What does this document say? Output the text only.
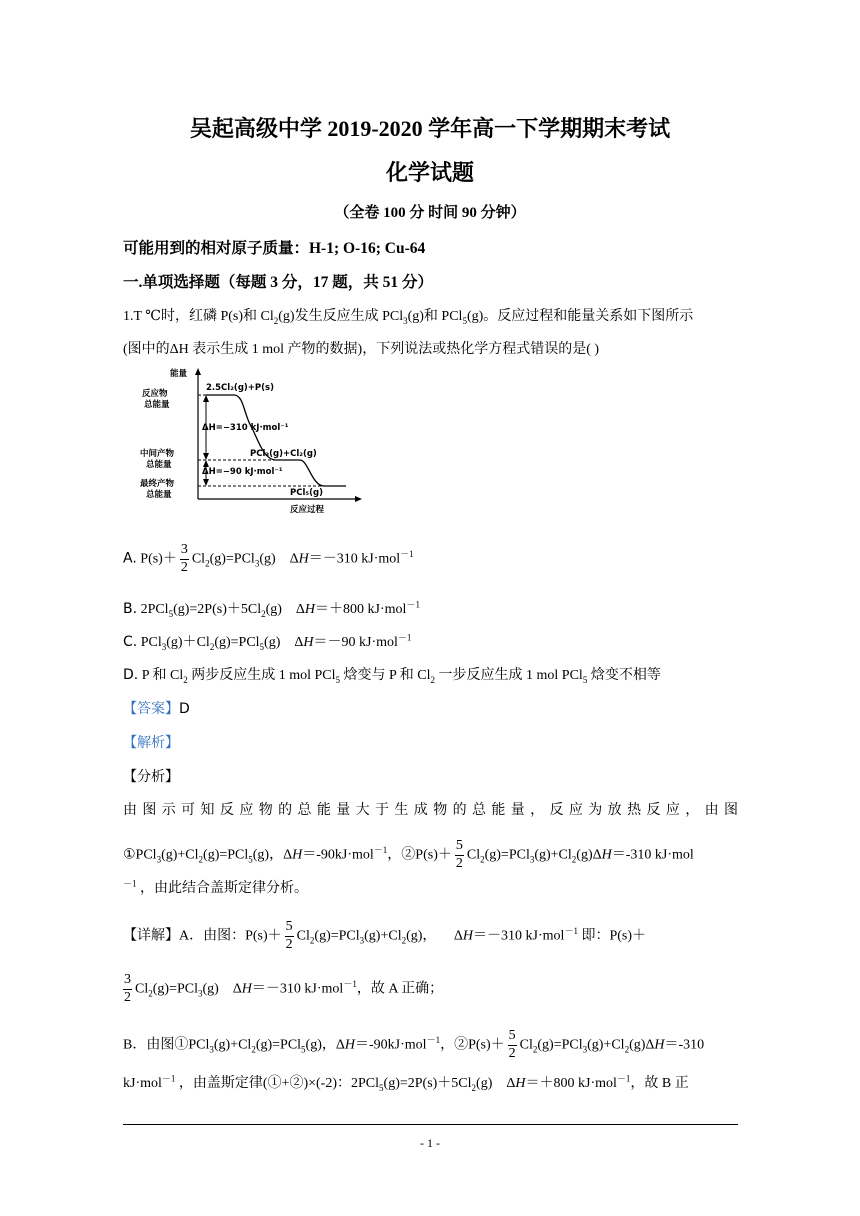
吴起高级中学 2019-2020 学年高一下学期期末考试
化学试题
（全卷 100 分 时间 90 分钟）
可能用到的相对原子质量：H-1; O-16; Cu-64
一.单项选择题（每题 3 分，17 题，共 51 分）
1.T ℃时，红磷 P(s)和 $Cl_2(g)$发生反应生成 PCl$_3$(g)和 PCl$_5$(g)。反应过程和能量关系如下图所示
(图中的ΔH 表示生成 1 mol 产物的数据)，下列说法或热化学方程式错误的是( )
能量
反应物
总能量
中间产物
总能量
最终产物
总能量
2.5Cl₂(g)+P(s)
PCl₃(g)+Cl₂(g)
PCl₅(g)
ΔH=−310 kJ·mol⁻¹
ΔH=−90 kJ·mol⁻¹
反应过程
A. $P(s)+ \frac{3}{2} Cl_2(g)=PCl_3(g)$    ΔH＝－310 kJ·mol$^{-1}$
B. $2PCl_5(g)=2P(s)+5Cl_2(g)$    ΔH＝＋800 kJ·mol$^{-1}$
C. $PCl_3(g)+Cl_2(g)=PCl_5(g)$    ΔH＝－90 kJ·mol$^{-1}$
D. P 和 $Cl_2$ 两步反应生成 1 mol PCl$_5$ 焓变与 P 和 $Cl_2$ 一步反应生成 1 mol PCl$_5$ 焓变不相等
【答案】D
【解析】
【分析】
由图示可知反应物的总能量大于生成物的总能量，反应为放热反应，由图
$①PCl_3(g)+Cl_2(g)=PCl_5(g)$，ΔH＝-90kJ·mol$^{-1}$，②P(s)＋ $\frac{5}{2} Cl_2(g)=PCl_3(g)+Cl_2(g)\Delta H=-310$ kJ·mol
$^{-1}$ ，由此结合盖斯定律分析。
【详解】A．由图：$P(s)+ \frac{5}{2} Cl_2(g)=PCl_3(g)+Cl_2(g)$，     ΔH＝－310 kJ·mol$^{-1}$ 即：P(s)＋
$\frac{3}{2} Cl_2(g)=PCl_3(g)$    ΔH＝－310 kJ·mol$^{-1}$，故 A 正确；
B．由图$①PCl_3(g)+Cl_2(g)=PCl_5(g)$，ΔH＝-90kJ·mol$^{-1}$，②P(s)＋ $\frac{5}{2} Cl_2(g)=PCl_3(g)+Cl_2(g)\Delta H=-310$
kJ·mol$^{-1}$ ，由盖斯定律(①+②)×(-2)：$2PCl_5(g)=2P(s)+5Cl_2(g)$    ΔH＝＋800 kJ·mol$^{-1}$，故 B 正
- 1 -
